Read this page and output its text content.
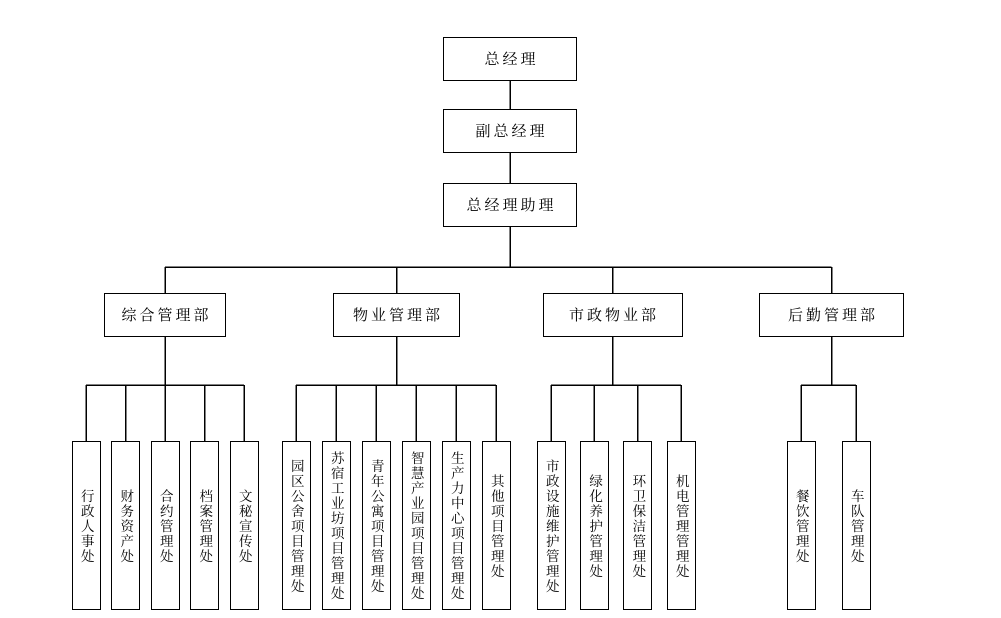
总经理
副总经理
总经理助理
综合管理部	物业管理部	市政物业部	后勤管理部
行政人事处 财务资产处 合约管理处 档案管理处 文秘宣传处	园区公舍项目管理处 苏宿工业坊项目管理处 青年公寓项目管理处 智慧产业园项目管理处 生产力中心项目管理处 其他项目管理处	市政设施维护管理处 绿化养护管理处 环卫保洁管理处 机电管理管理处	餐饮管理处	车队管理处
